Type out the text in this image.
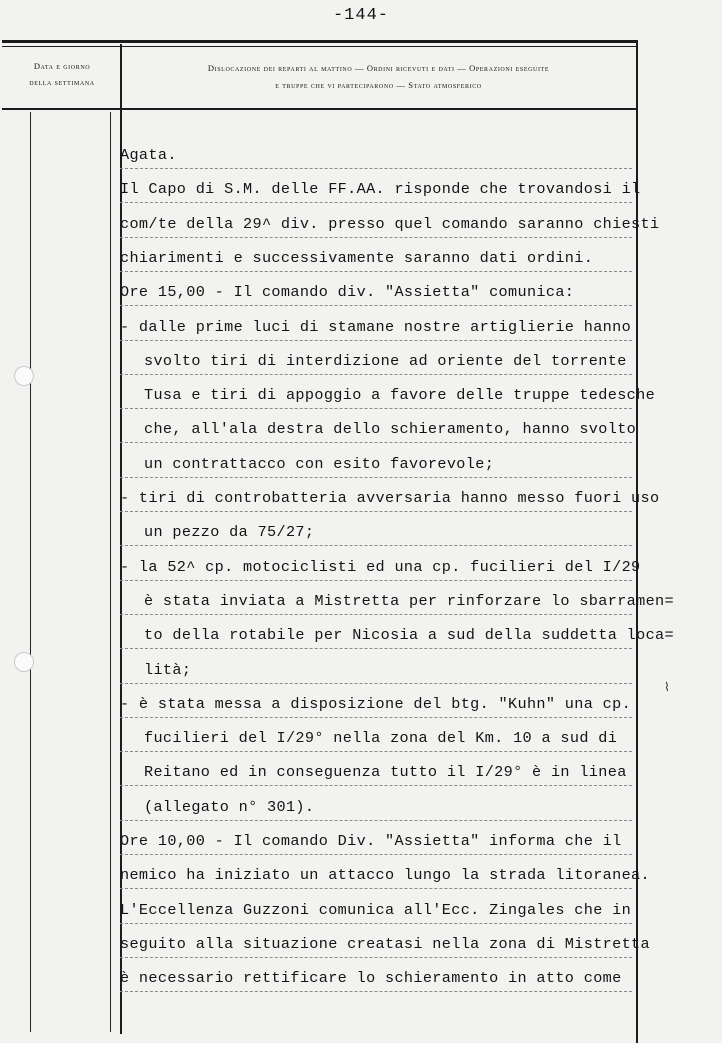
-144-
Data e giorno
della settimana
Dislocazione dei reparti al mattino — Ordini ricevuti e dati — Operazioni eseguite
e truppe che vi parteciparono — Stato atmosferico
⌇
Agata.
Il Capo di S.M. delle FF.AA. risponde che trovandosi il
com/te della 29^ div. presso quel comando saranno chiesti
chiarimenti e successivamente saranno dati ordini.
Ore 15,00 - Il comando div. "Assietta" comunica:
- dalle prime luci di stamane nostre artiglierie hanno
svolto tiri di interdizione ad oriente del torrente
Tusa e tiri di appoggio a favore delle truppe tedesche
che, all'ala destra dello schieramento, hanno svolto
un contrattacco con esito favorevole;
- tiri di controbatteria avversaria hanno messo fuori uso
un pezzo da 75/27;
- la 52^ cp. motociclisti ed una cp. fucilieri del I/29
è stata inviata a Mistretta per rinforzare lo sbarramen=
to della rotabile per Nicosia a sud della suddetta loca=
lità;
- è stata messa a disposizione del btg. "Kuhn" una cp.
fucilieri del I/29° nella zona del Km. 10 a sud di
Reitano ed in conseguenza tutto il I/29° è in linea
(allegato n° 301).
Ore 10,00 - Il comando Div. "Assietta" informa che il
nemico ha iniziato un attacco lungo la strada litoranea.
L'Eccellenza Guzzoni comunica all'Ecc. Zingales che in
seguito alla situazione creatasi nella zona di Mistretta
è necessario rettificare lo schieramento in atto come
